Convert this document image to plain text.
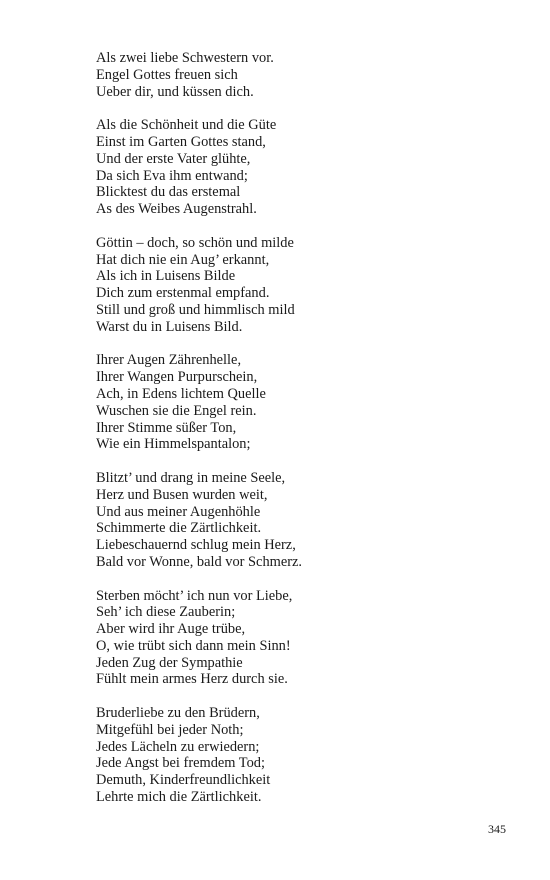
Als zwei liebe Schwestern vor.
Engel Gottes freuen sich
Ueber dir, und küssen dich.
Als die Schönheit und die Güte
Einst im Garten Gottes stand,
Und der erste Vater glühte,
Da sich Eva ihm entwand;
Blicktest du das erstemal
As des Weibes Augenstrahl.
Göttin – doch, so schön und milde
Hat dich nie ein Aug’ erkannt,
Als ich in Luisens Bilde
Dich zum erstenmal empfand.
Still und groß und himmlisch mild
Warst du in Luisens Bild.
Ihrer Augen Zährenhelle,
Ihrer Wangen Purpurschein,
Ach, in Edens lichtem Quelle
Wuschen sie die Engel rein.
Ihrer Stimme süßer Ton,
Wie ein Himmelspantalon;
Blitzt’ und drang in meine Seele,
Herz und Busen wurden weit,
Und aus meiner Augenhöhle
Schimmerte die Zärtlichkeit.
Liebeschauernd schlug mein Herz,
Bald vor Wonne, bald vor Schmerz.
Sterben möcht’ ich nun vor Liebe,
Seh’ ich diese Zauberin;
Aber wird ihr Auge trübe,
O, wie trübt sich dann mein Sinn!
Jeden Zug der Sympathie
Fühlt mein armes Herz durch sie.
Bruderliebe zu den Brüdern,
Mitgefühl bei jeder Noth;
Jedes Lächeln zu erwiedern;
Jede Angst bei fremdem Tod;
Demuth, Kinderfreundlichkeit
Lehrte mich die Zärtlichkeit.
345
